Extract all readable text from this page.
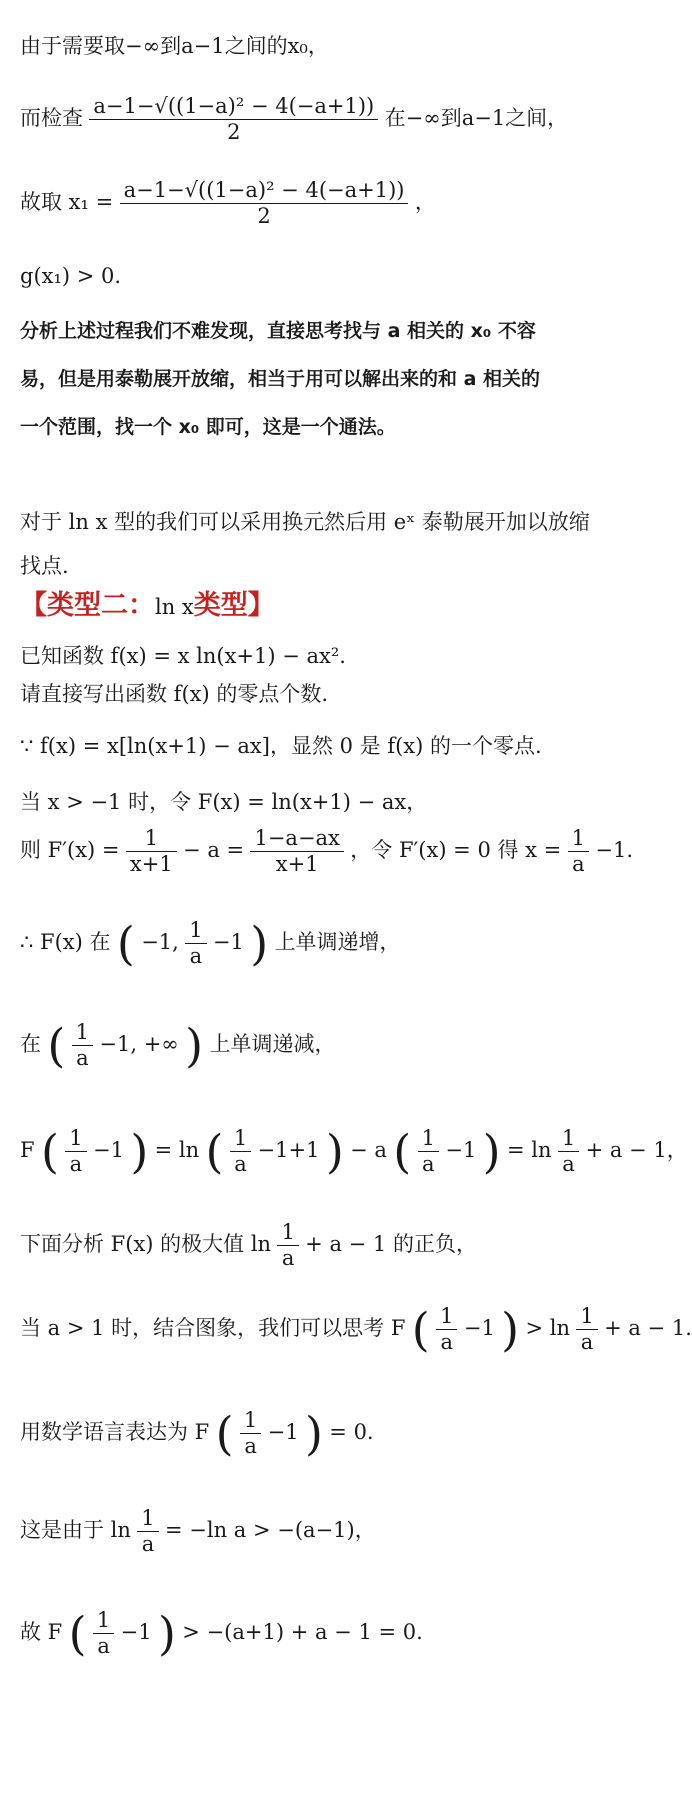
由于需要取−∞到a−1之间的x₀，
而检查 $\frac{\text{a−1−√((1−a)² − 4(−a+1))}}{2}$ 在−∞到a−1之间，
故取 $x_1 = \frac{\text{a−1−√((1−a)² − 4(−a+1))}}{2}$ ，
g(x₁) > 0.
分析上述过程我们不难发现，直接思考找与 a 相关的 x₀ 不容
易，但是用泰勒展开放缩，相当于用可以解出来的和 a 相关的
一个范围，找一个 x₀ 即可，这是一个通法。
对于 ln x 型的我们可以采用换元然后用 eˣ 泰勒展开加以放缩
找点.
【类型二：ln x类型】
已知函数 f(x) = x ln(x+1) − ax².
请直接写出函数 f(x) 的零点个数.
∵ f(x) = x[ln(x+1) − ax]，显然 0 是 f(x) 的一个零点.
当 x > −1 时，令 F(x) = ln(x+1) − ax，
则 $F'(x) = \frac{1}{x+1} - a = \frac{1-a-ax}{x+1}$ ，令 F′(x) = 0 得 $x = \frac{1}{a} -1$.
∴ F(x) 在 ( −1, $\frac{1}{a} -1$ ) 上单调递增，
在 ( $\frac{1}{a} -1$, +∞ ) 上单调递减，
F ( $\frac{1}{a} -1$ ) = ln ( $\frac{1}{a} -1+1$ ) − a ( $\frac{1}{a} -1$ ) = $\ln \frac{1}{a} + a - 1$，
下面分析 F(x) 的极大值 $\ln \frac{1}{a} + a - 1$ 的正负，
当 a > 1 时，结合图象，我们可以思考 F ( $\frac{1}{a} -1$ ) > $\ln \frac{1}{a} + a - 1$.
用数学语言表达为 F ( $\frac{1}{a} -1$ ) = 0.
这是由于 $\ln \frac{1}{a} = -\ln$ a > −(a−1)，
故 F ( $\frac{1}{a} -1$ ) > −(a+1) + a − 1 = 0.
